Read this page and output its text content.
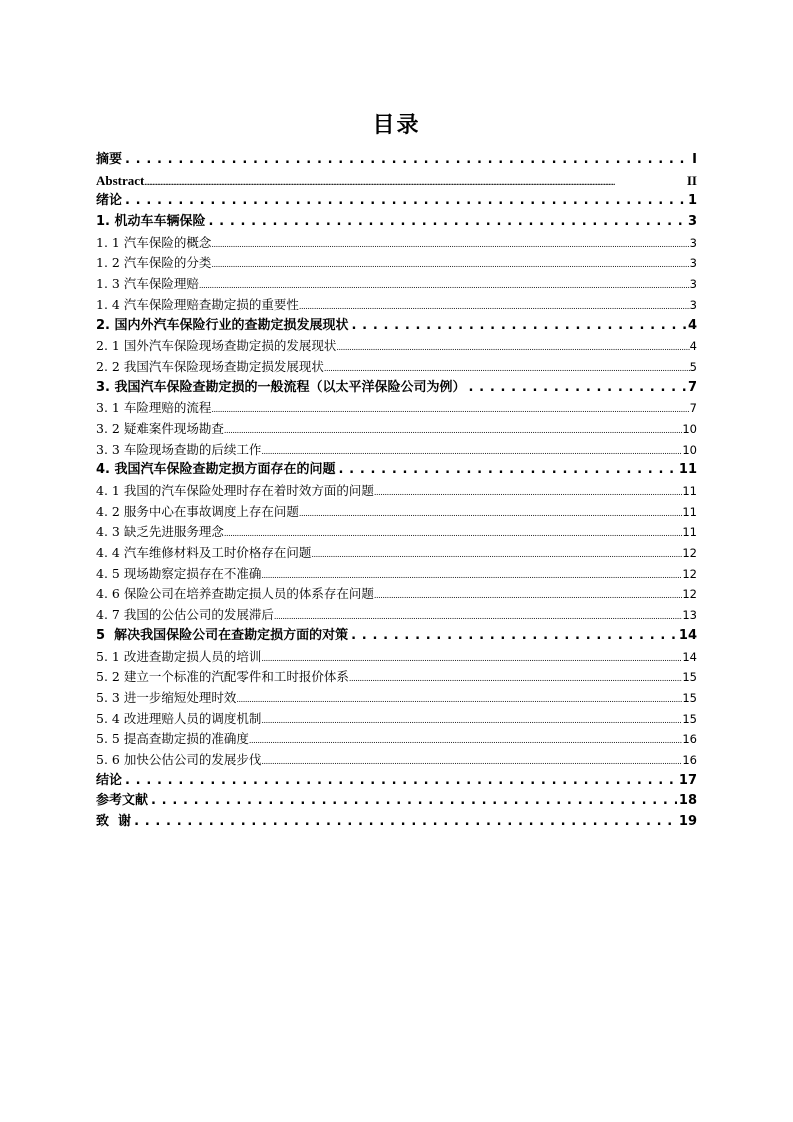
目录
摘要 . . .	I
Abstract .....	II
绪论 . . .	1
1. 机动车车辆保险 . . .	3
1. 1 汽车保险的概念 .....	3
1. 2 汽车保险的分类 .....	3
1. 3 汽车保险理赔 .....	3
1. 4 汽车保险理赔查勘定损的重要性 .....	3
2. 国内外汽车保险行业的查勘定损发展现状 . . .	4
2. 1 国外汽车保险现场查勘定损的发展现状 .....	4
2. 2 我国汽车保险现场查勘定损发展现状 .....	5
3. 我国汽车保险查勘定损的一般流程（以太平洋保险公司为例） . . .	7
3. 1 车险理赔的流程 .....	7
3. 2 疑难案件现场勘查 .....	10
3. 3 车险现场查勘的后续工作 .....	10
4. 我国汽车保险查勘定损方面存在的问题 . . .	11
4. 1 我国的汽车保险处理时存在着时效方面的问题 .....	11
4. 2 服务中心在事故调度上存在问题 .....	11
4. 3 缺乏先进服务理念 .....	11
4. 4 汽车维修材料及工时价格存在问题 .....	12
4. 5 现场勘察定损存在不准确 .....	12
4. 6 保险公司在培养查勘定损人员的体系存在问题 .....	12
4. 7 我国的公估公司的发展滞后 .....	13
5  解决我国保险公司在查勘定损方面的对策 . . .	14
5. 1 改进查勘定损人员的培训 .....	14
5. 2 建立一个标准的汽配零件和工时报价体系 .....	15
5. 3 进一步缩短处理时效 .....	15
5. 4 改进理赔人员的调度机制 .....	15
5. 5 提高查勘定损的准确度 .....	16
5. 6 加快公估公司的发展步伐 .....	16
结论 . . .	17
参考文献 . . .	18
致  谢 . . .	19
